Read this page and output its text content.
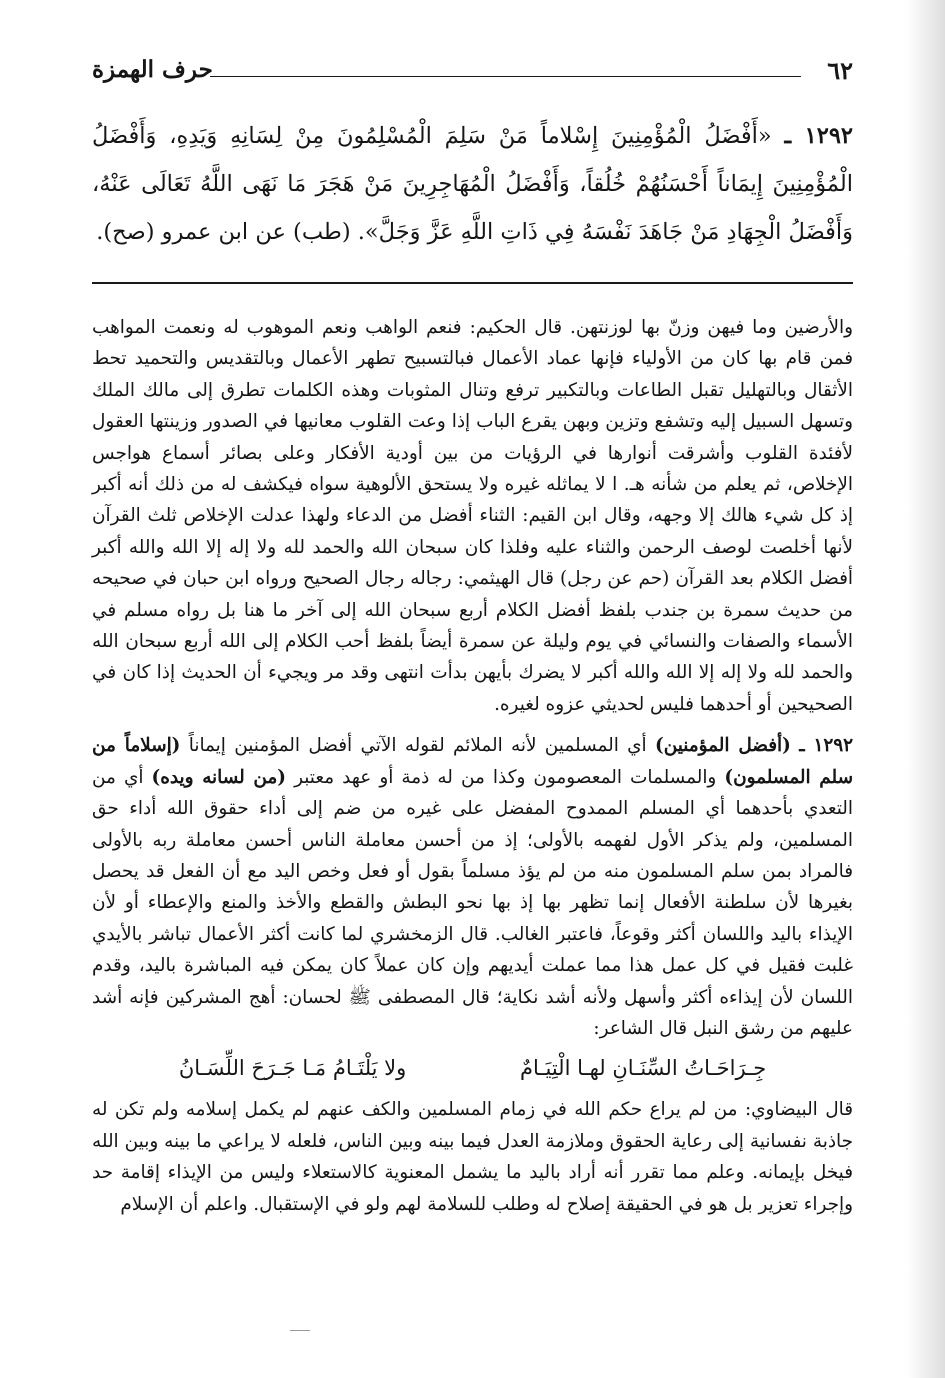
٦٢
حرف الهمزة
١٢٩٢ ـ «أَفْضَلُ الْمُؤْمِنِينَ إِسْلاماً مَنْ سَلِمَ الْمُسْلِمُونَ مِنْ لِسَانِهِ وَيَدِهِ، وَأَفْضَلُ الْمُؤْمِنِينَ إِيمَاناً أَحْسَنُهُمْ خُلُقاً، وَأَفْضَلُ الْمُهَاجِرِينَ مَنْ هَجَرَ مَا نَهَى اللَّهُ تَعَالَى عَنْهُ، وَأَفْضَلُ الْجِهَادِ مَنْ جَاهَدَ نَفْسَهُ فِي ذَاتِ اللَّهِ عَزَّ وَجَلَّ». (طب) عن ابن عمرو (صح).

والأرضين وما فيهن وزنّ بها لوزنتهن. قال الحكيم: فنعم الواهب ونعم الموهوب له ونعمت المواهب فمن قام بها كان من الأولياء فإنها عماد الأعمال فبالتسبيح تطهر الأعمال وبالتقديس والتحميد تحط الأثقال وبالتهليل تقبل الطاعات وبالتكبير ترفع وتنال المثوبات وهذه الكلمات تطرق إلى مالك الملك وتسهل السبيل إليه وتشفع وتزين وبهن يقرع الباب إذا وعت القلوب معانيها في الصدور وزينتها العقول لأفئدة القلوب وأشرقت أنوارها في الرؤيات من بين أودية الأفكار وعلى بصائر أسماع هواجس الإخلاص، ثم يعلم من شأنه هـ. ا لا يماثله غيره ولا يستحق الألوهية سواه فيكشف له من ذلك أنه أكبر إذ كل شيء هالك إلا وجهه، وقال ابن القيم: الثناء أفضل من الدعاء ولهذا عدلت الإخلاص ثلث القرآن لأنها أخلصت لوصف الرحمن والثناء عليه وفلذا كان سبحان الله والحمد لله ولا إله إلا الله والله أكبر أفضل الكلام بعد القرآن (حم عن رجل) قال الهيثمي: رجاله رجال الصحيح ورواه ابن حبان في صحيحه من حديث سمرة بن جندب بلفظ أفضل الكلام أربع سبحان الله إلى آخر ما هنا بل رواه مسلم في الأسماء والصفات والنسائي في يوم وليلة عن سمرة أيضاً بلفظ أحب الكلام إلى الله أربع سبحان الله والحمد لله ولا إله إلا الله والله أكبر لا يضرك بأيهن بدأت انتهى وقد مر ويجيء أن الحديث إذا كان في الصحيحين أو أحدهما فليس لحديثي عزوه لغيره.

١٢٩٢ ـ (أفضل المؤمنين) أي المسلمين لأنه الملائم لقوله الآتي أفضل المؤمنين إيماناً (إسلاماً من سلم المسلمون) والمسلمات المعصومون وكذا من له ذمة أو عهد معتبر (من لسانه ويده) أي من التعدي بأحدهما أي المسلم الممدوح المفضل على غيره من ضم إلى أداء حقوق الله أداء حق المسلمين، ولم يذكر الأول لفهمه بالأولى؛ إذ من أحسن معاملة الناس أحسن معاملة ربه بالأولى فالمراد بمن سلم المسلمون منه من لم يؤذ مسلماً بقول أو فعل وخص اليد مع أن الفعل قد يحصل بغيرها لأن سلطنة الأفعال إنما تظهر بها إذ بها نحو البطش والقطع والأخذ والمنع والإعطاء أو لأن الإيذاء باليد واللسان أكثر وقوعاً، فاعتبر الغالب. قال الزمخشري لما كانت أكثر الأعمال تباشر بالأيدي غلبت فقيل في كل عمل هذا مما عملت أيديهم وإن كان عملاً كان يمكن فيه المباشرة باليد، وقدم اللسان لأن إيذاءه أكثر وأسهل ولأنه أشد نكاية؛ قال المصطفى ﷺ لحسان: أهج المشركين فإنه أشد عليهم من رشق النبل قال الشاعر:

جِـرَاحَـاتُ السِّنَـانِ لهـا الْتِيَـامٌ
ولا يَلْتَـامُ مَـا جَـرَحَ اللِّسَـانُ

قال البيضاوي: من لم يراع حكم الله في زمام المسلمين والكف عنهم لم يكمل إسلامه ولم تكن له جاذبة نفسانية إلى رعاية الحقوق وملازمة العدل فيما بينه وبين الناس، فلعله لا يراعي ما بينه وبين الله فيخل بإيمانه. وعلم مما تقرر أنه أراد باليد ما يشمل المعنوية كالاستعلاء وليس من الإيذاء إقامة حد وإجراء تعزير بل هو في الحقيقة إصلاح له وطلب للسلامة لهم ولو في الإستقبال. واعلم أن الإسلام
